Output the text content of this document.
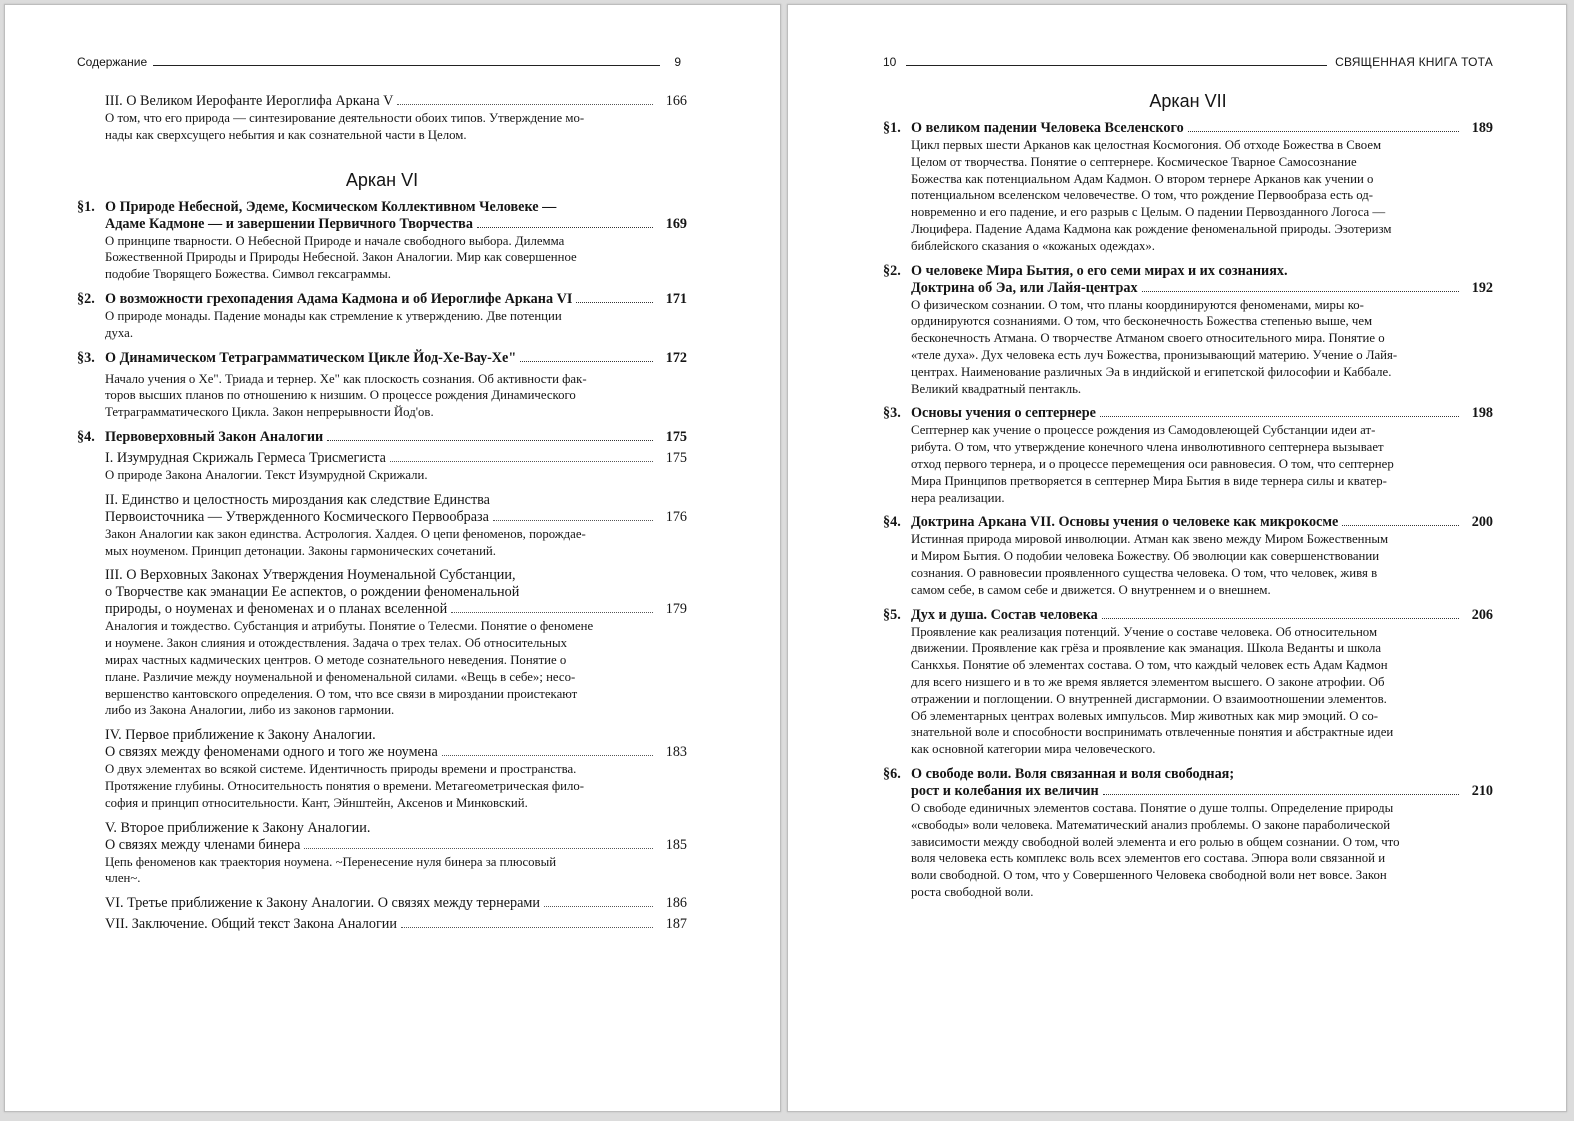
Содержание	9
III. О Великом Иерофанте Иероглифа Аркана V	166
О том, что его природа — синтезирование деятельности обоих типов. Утверждение мо-
нады как сверхсущего небытия и как сознательной части в Целом.
Аркан VI
§1. О Природе Небесной, Эдеме, Космическом Коллективном Человеке —
Адаме Кадмоне — и завершении Первичного Творчества	169
О принципе тварности. О Небесной Природе и начале свободного выбора. Дилемма
Божественной Природы и Природы Небесной. Закон Аналогии. Мир как совершенное
подобие Творящего Божества. Символ гексаграммы.
§2. О возможности грехопадения Адама Кадмона и об Иероглифе Аркана VI	171
О природе монады. Падение монады как стремление к утверждению. Две потенции
духа.
§3. О Динамическом Тетраграмматическом Цикле Йод-Хе-Вау-Хе"	172
Начало учения о Хе". Триада и тернер. Хе" как плоскость сознания. Об активности фак-
торов высших планов по отношению к низшим. О процессе рождения Динамического
Тетраграмматического Цикла. Закон непрерывности Йод'ов.
§4. Первоверховный Закон Аналогии	175
I. Изумрудная Скрижаль Гермеса Трисмегиста	175
О природе Закона Аналогии. Текст Изумрудной Скрижали.
II. Единство и целостность мироздания как следствие Единства
Первоисточника — Утвержденного Космического Первообраза	176
Закон Аналогии как закон единства. Астрология. Халдея. О цепи феноменов, порождае-
мых ноуменом. Принцип детонации. Законы гармонических сочетаний.
III. О Верховных Законах Утверждения Ноуменальной Субстанции,
о Творчестве как эманации Ее аспектов, о рождении феноменальной
природы, о ноуменах и феноменах и о планах вселенной	179
Аналогия и тождество. Субстанция и атрибуты. Понятие о Телесми. Понятие о феномене
и ноумене. Закон слияния и отождествления. Задача о трех телах. Об относительных
мирах частных кадмических центров. О методе сознательного неведения. Понятие о
плане. Различие между ноуменальной и феноменальной силами. «Вещь в себе»; несо-
вершенство кантовского определения. О том, что все связи в мироздании проистекают
либо из Закона Аналогии, либо из законов гармонии.
IV. Первое приближение к Закону Аналогии.
О связях между феноменами одного и того же ноумена	183
О двух элементах во всякой системе. Идентичность природы времени и пространства.
Протяжение глубины. Относительность понятия о времени. Метагеометрическая фило-
софия и принцип относительности. Кант, Эйнштейн, Аксенов и Минковский.
V. Второе приближение к Закону Аналогии.
О связях между членами бинера	185
Цепь феноменов как траектория ноумена. ~Перенесение нуля бинера за плюсовый
член~.
VI. Третье приближение к Закону Аналогии. О связях между тернерами	186
VII. Заключение. Общий текст Закона Аналогии	187
10	СВЯЩЕННАЯ КНИГА ТОТА
Аркан VII
§1. О великом падении Человека Вселенского	189
Цикл первых шести Арканов как целостная Космогония. Об отходе Божества в Своем
Целом от творчества. Понятие о септернере. Космическое Тварное Самосознание
Божества как потенциальном Адам Кадмон. О втором тернере Арканов как учении о
потенциальном вселенском человечестве. О том, что рождение Первообраза есть од-
новременно и его падение, и его разрыв с Целым. О падении Первозданного Логоса —
Люцифера. Падение Адама Кадмона как рождение феноменальной природы. Эзотеризм
библейского сказания о «кожаных одеждах».
§2. О человеке Мира Бытия, о его семи мирах и их сознаниях.
Доктрина об Эа, или Лайя-центрах	192
О физическом сознании. О том, что планы координируются феноменами, миры ко-
ординируются сознаниями. О том, что бесконечность Божества степенью выше, чем
бесконечность Атмана. О творчестве Атманом своего относительного мира. Понятие о
«теле духа». Дух человека есть луч Божества, пронизывающий материю. Учение о Лайя-
центрах. Наименование различных Эа в индийской и египетской философии и Каббале.
Великий квадратный пентакль.
§3. Основы учения о септернере	198
Септернер как учение о процессе рождения из Самодовлеющей Субстанции идеи ат-
рибута. О том, что утверждение конечного члена инволютивного септернера вызывает
отход первого тернера, и о процессе перемещения оси равновесия. О том, что септернер
Мира Принципов претворяется в септернер Мира Бытия в виде тернера силы и кватер-
нера реализации.
§4. Доктрина Аркана VII. Основы учения о человеке как микрокосме	200
Истинная природа мировой инволюции. Атман как звено между Миром Божественным
и Миром Бытия. О подобии человека Божеству. Об эволюции как совершенствовании
сознания. О равновесии проявленного существа человека. О том, что человек, живя в
самом себе, в самом себе и движется. О внутреннем и о внешнем.
§5. Дух и душа. Состав человека	206
Проявление как реализация потенций. Учение о составе человека. Об относительном
движении. Проявление как грёза и проявление как эманация. Школа Веданты и школа
Санкхья. Понятие об элементах состава. О том, что каждый человек есть Адам Кадмон
для всего низшего и в то же время является элементом высшего. О законе атрофии. Об
отражении и поглощении. О внутренней дисгармонии. О взаимоотношении элементов.
Об элементарных центрах волевых импульсов. Мир животных как мир эмоций. О со-
знательной воле и способности воспринимать отвлеченные понятия и абстрактные идеи
как основной категории мира человеческого.
§6. О свободе воли. Воля связанная и воля свободная;
рост и колебания их величин	210
О свободе единичных элементов состава. Понятие о душе толпы. Определение природы
«свободы» воли человека. Математический анализ проблемы. О законе параболической
зависимости между свободной волей элемента и его ролью в общем сознании. О том, что
воля человека есть комплекс воль всех элементов его состава. Эпюра воли связанной и
воли свободной. О том, что у Совершенного Человека свободной воли нет вовсе. Закон
роста свободной воли.
